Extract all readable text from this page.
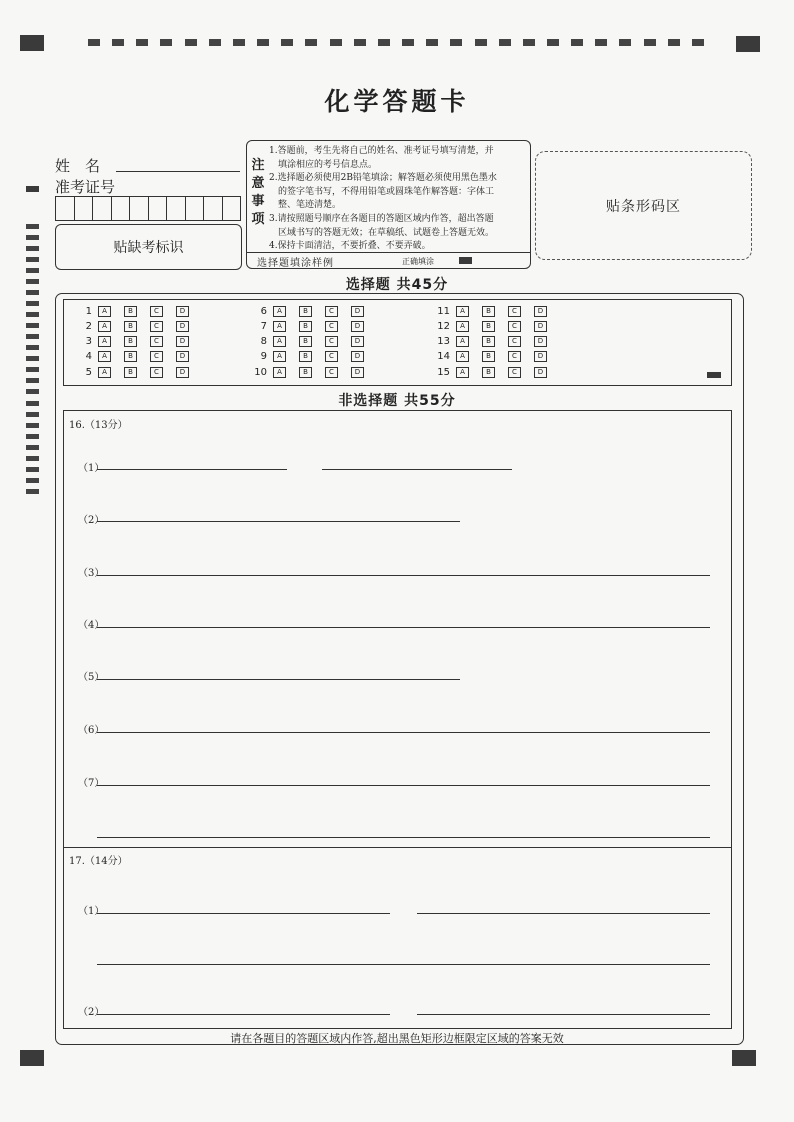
化学答题卡
姓　名
准考证号
贴缺考标识
注
意
事
项
1.答题前，考生先将自己的姓名、准考证号填写清楚，并
　填涂相应的考号信息点。
2.选择题必须使用2B铅笔填涂；解答题必须使用黑色墨水
　的签字笔书写，不得用铅笔或圆珠笔作解答题：字体工
　整、笔迹清楚。
3.请按照题号顺序在各题目的答题区域内作答，超出答题
　区域书写的答题无效；在草稿纸、试题卷上答题无效。
4.保持卡面清洁，不要折叠、不要弄破。
选择题填涂样例	正确填涂
贴条形码区
选择题 共45分
1	A	B	C	D
2	A	B	C	D
3	A	B	C	D
4	A	B	C	D
5	A	B	C	D
6	A	B	C	D
7	A	B	C	D
8	A	B	C	D
9	A	B	C	D
10	A	B	C	D
11	A	B	C	D
12	A	B	C	D
13	A	B	C	D
14	A	B	C	D
15	A	B	C	D
非选择题 共55分
16.（13分）
（1）
（2）
（3）
（4）
（5）
（6）
（7）
17.（14分）
（1）
（2）
请在各题目的答题区域内作答,超出黑色矩形边框限定区域的答案无效
